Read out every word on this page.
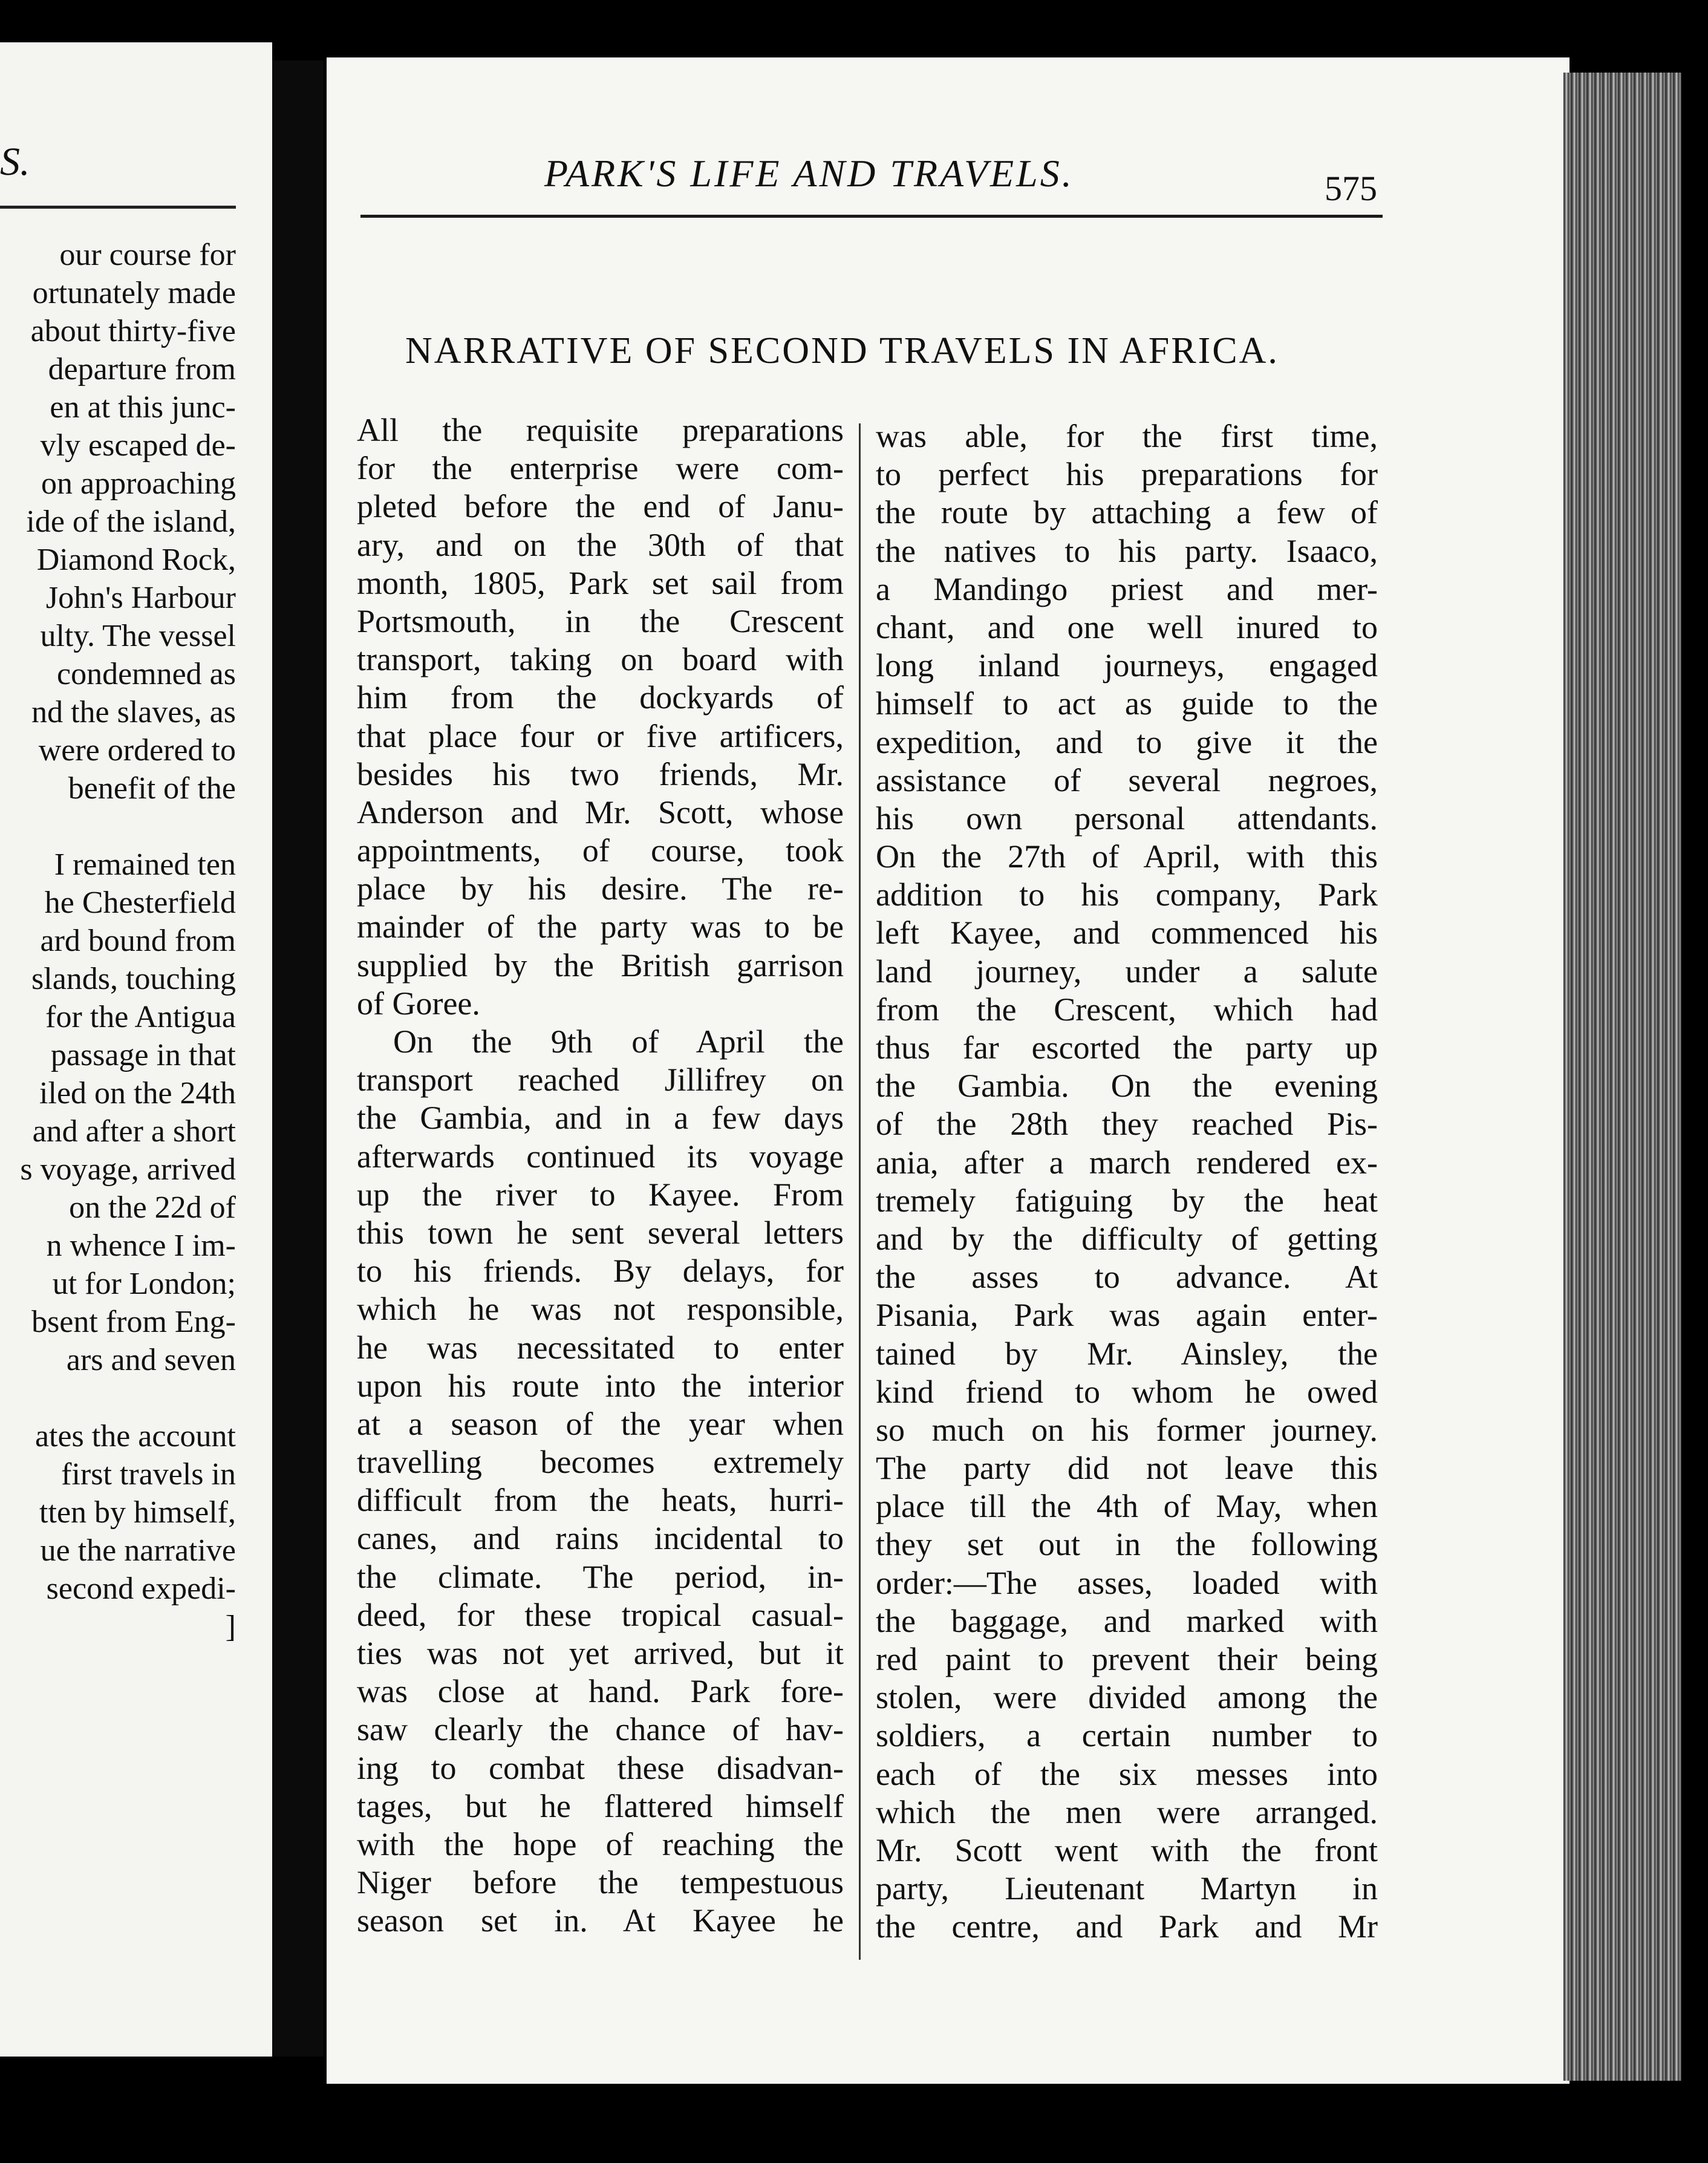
S.
our course for
ortunately made
about thirty-five
departure from
en at this junc-
vly escaped de-
on approaching
ide of the island,
Diamond Rock,
John's Harbour
ulty. The vessel
condemned as
nd the slaves, as
were ordered to
benefit of the
I remained ten
he Chesterfield
ard bound from
slands, touching
for the Antigua
passage in that
iled on the 24th
and after a short
s voyage, arrived
on the 22d of
n whence I im-
ut for London;
bsent from Eng-
ars and seven
ates the account
first travels in
tten by himself,
ue the narrative
second expedi-
]
PARK'S LIFE AND TRAVELS.	575
NARRATIVE OF SECOND TRAVELS IN AFRICA.
All the requisite preparations
for the enterprise were com-
pleted before the end of Janu-
ary, and on the 30th of that
month, 1805, Park set sail from
Portsmouth, in the Crescent
transport, taking on board with
him from the dockyards of
that place four or five artificers,
besides his two friends, Mr.
Anderson and Mr. Scott, whose
appointments, of course, took
place by his desire. The re-
mainder of the party was to be
supplied by the British garrison
of Goree.
On the 9th of April the
transport reached Jillifrey on
the Gambia, and in a few days
afterwards continued its voyage
up the river to Kayee. From
this town he sent several letters
to his friends. By delays, for
which he was not responsible,
he was necessitated to enter
upon his route into the interior
at a season of the year when
travelling becomes extremely
difficult from the heats, hurri-
canes, and rains incidental to
the climate. The period, in-
deed, for these tropical casual-
ties was not yet arrived, but it
was close at hand. Park fore-
saw clearly the chance of hav-
ing to combat these disadvan-
tages, but he flattered himself
with the hope of reaching the
Niger before the tempestuous
season set in. At Kayee he
was able, for the first time,
to perfect his preparations for
the route by attaching a few of
the natives to his party. Isaaco,
a Mandingo priest and mer-
chant, and one well inured to
long inland journeys, engaged
himself to act as guide to the
expedition, and to give it the
assistance of several negroes,
his own personal attendants.
On the 27th of April, with this
addition to his company, Park
left Kayee, and commenced his
land journey, under a salute
from the Crescent, which had
thus far escorted the party up
the Gambia. On the evening
of the 28th they reached Pis-
ania, after a march rendered ex-
tremely fatiguing by the heat
and by the difficulty of getting
the asses to advance. At
Pisania, Park was again enter-
tained by Mr. Ainsley, the
kind friend to whom he owed
so much on his former journey.
The party did not leave this
place till the 4th of May, when
they set out in the following
order:—The asses, loaded with
the baggage, and marked with
red paint to prevent their being
stolen, were divided among the
soldiers, a certain number to
each of the six messes into
which the men were arranged.
Mr. Scott went with the front
party, Lieutenant Martyn in
the centre, and Park and Mr
